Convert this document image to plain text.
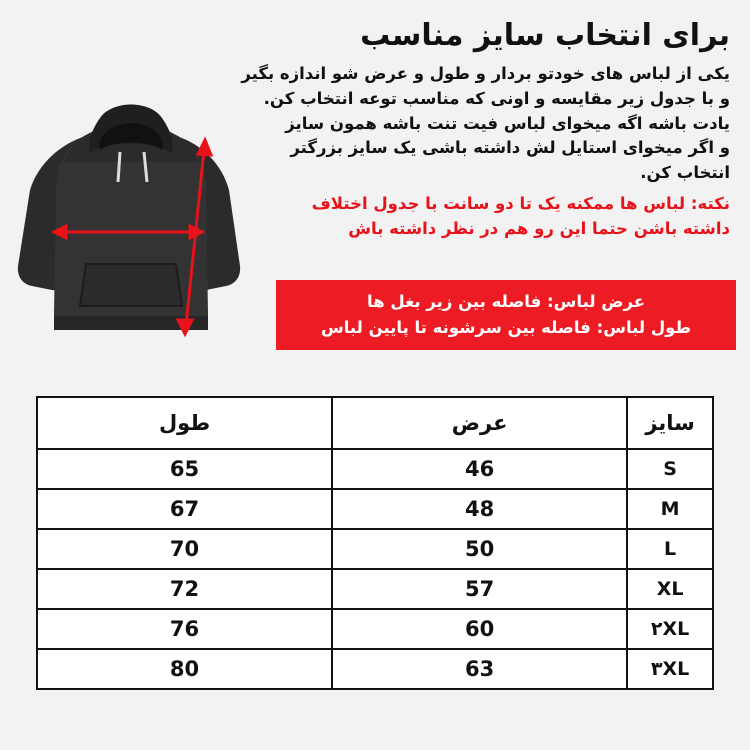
برای انتخاب سایز مناسب
یکی از لباس های خودتو بردار و طول و عرض شو اندازه بگیر
و با جدول زیر مقایسه و اونی که مناسب توعه انتخاب کن.
یادت باشه اگه میخوای لباس فیت تنت باشه همون سایز
و اگر میخوای استایل لش داشته باشی یک سایز بزرگتر
انتخاب کن.
نکته: لباس ها ممکنه یک تا دو سانت با جدول اختلاف
داشته باشن حتما این رو هم در نظر داشته باش
عرض لباس: فاصله بین زیر بغل ها
طول لباس: فاصله بین سرشونه تا پایین لباس
سایز	عرض	طول
S	46	65
M	48	67
L	50	70
XL	57	72
۲XL	60	76
۳XL	63	80
